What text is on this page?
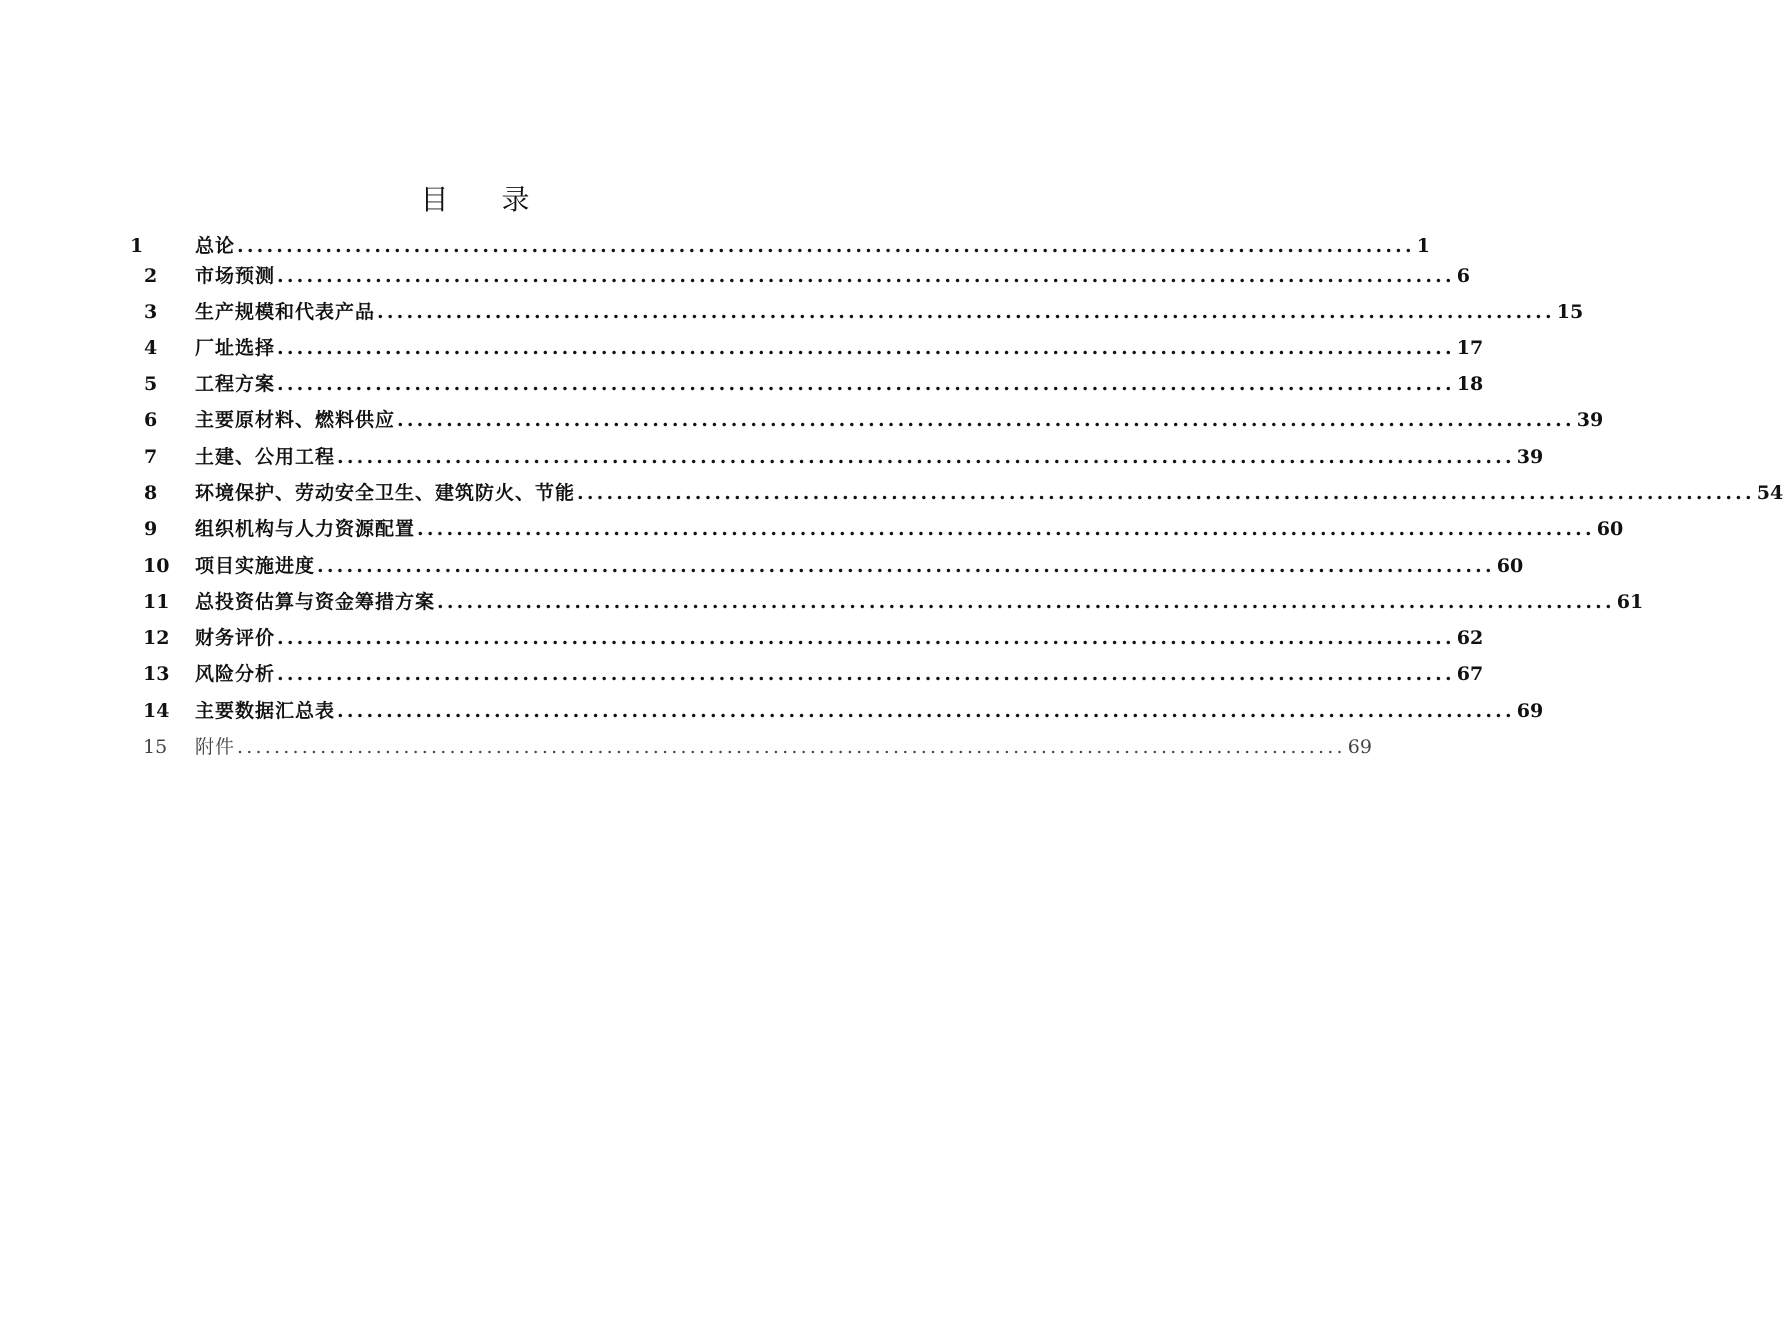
目 录
1	总论 ........................................................................................................................ 1
2 市场预测 ........................................................................................................................ 6
3 生产规模和代表产品 ........................................................................................................................ 15
4 厂址选择 ........................................................................................................................ 17
5 工程方案 ........................................................................................................................ 18
6 主要原材料、燃料供应 ........................................................................................................................ 39
7 土建、公用工程 ........................................................................................................................ 39
8 环境保护、劳动安全卫生、建筑防火、节能 ........................................................................................................................ 54
9 组织机构与人力资源配置 ........................................................................................................................ 60
10 项目实施进度 ........................................................................................................................ 60
11 总投资估算与资金筹措方案 ........................................................................................................................ 61
12 财务评价 ........................................................................................................................ 62
13 风险分析 ........................................................................................................................ 67
14 主要数据汇总表 ........................................................................................................................ 69
15 附件 ........................................................................................................................ 69
